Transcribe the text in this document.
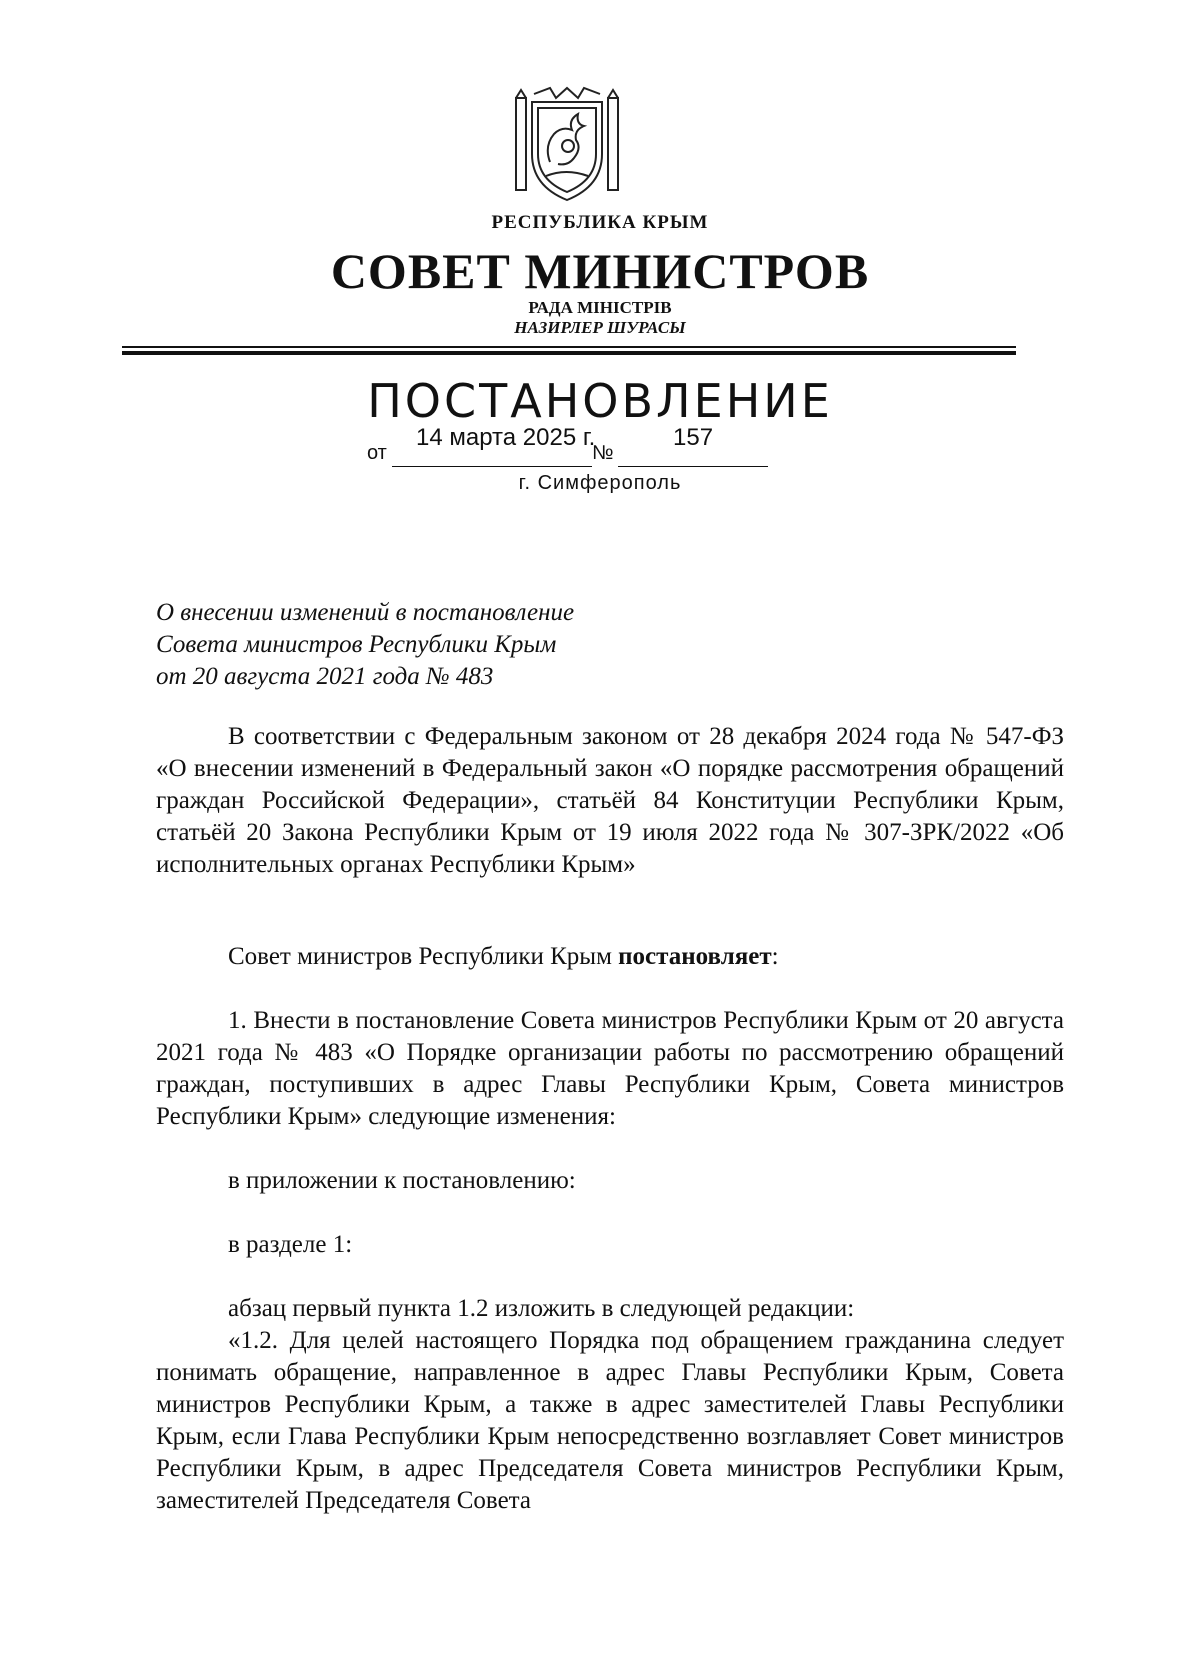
РЕСПУБЛИКА КРЫМ
СОВЕТ МИНИСТРОВ
РАДА МІНІСТРІВ
НАЗИРЛЕР ШУРАСЫ
ПОСТАНОВЛЕНИЕ
от
14 марта 2025 г.
№
157
г. Симферополь
О внесении изменений в постановление
Совета министров Республики Крым
от 20 августа 2021 года № 483

В соответствии с Федеральным законом от 28 декабря 2024 года № 547-ФЗ «О внесении изменений в Федеральный закон «О порядке рассмотрения обращений граждан Российской Федерации», статьёй 84 Конституции Республики Крым, статьёй 20 Закона Республики Крым от 19 июля 2022 года № 307-ЗРК/2022 «Об исполнительных органах Республики Крым»

Совет министров Республики Крым постановляет:

1. Внести в постановление Совета министров Республики Крым от 20 августа 2021 года № 483 «О Порядке организации работы по рассмотрению обращений граждан, поступивших в адрес Главы Республики Крым, Совета министров Республики Крым» следующие изменения:

в приложении к постановлению:

в разделе 1:

абзац первый пункта 1.2 изложить в следующей редакции:

«1.2. Для целей настоящего Порядка под обращением гражданина следует понимать обращение, направленное в адрес Главы Республики Крым, Совета министров Республики Крым, а также в адрес заместителей Главы Республики Крым, если Глава Республики Крым непосредственно возглавляет Совет министров Республики Крым, в адрес Председателя Совета министров Республики Крым, заместителей Председателя Совета
